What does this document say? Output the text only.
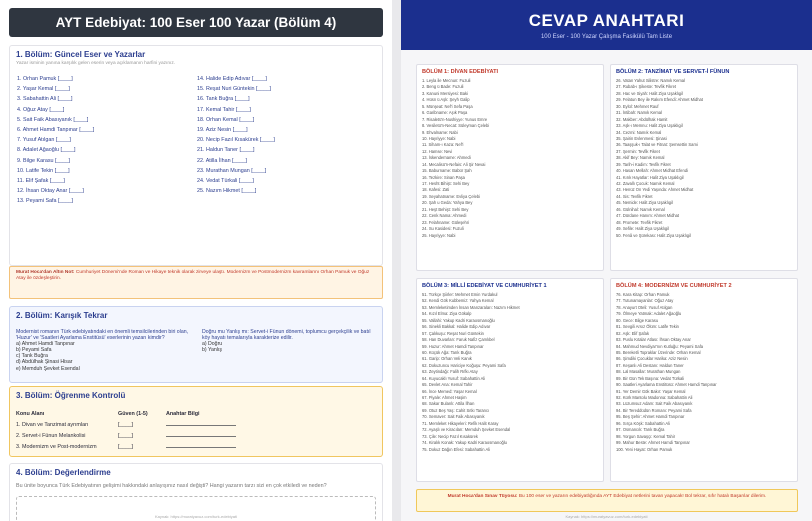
AYT Edebiyat: 100 Eser 100 Yazar (Bölüm 4)
1. Bölüm: Güncel Eser ve Yazarlar
Yazar isminin yanına karşılık gelen eserin veya açıklamanın harfini yazınız.
1. Orhan Pamuk [____]
2. Yaşar Kemal [____]
3. Sabahattin Ali [____]
4. Oğuz Atay [____]
5. Sait Faik Abasıyanık [____]
6. Ahmet Hamdi Tanpınar [____]
7. Yusuf Atılgan [____]
8. Adalet Ağaoğlu [____]
9. Bilge Karasu [____]
10. Latife Tekin [____]
11. Elif Şafak [____]
12. İhsan Oktay Anar [____]
13. Peyami Safa [____]
14. Halide Edip Adıvar [____]
15. Reşat Nuri Güntekin [____]
16. Tank Buğra [____]
17. Kemal Tahir [____]
18. Orhan Kemal [____]
19. Aziz Nesin [____]
20. Necip Fazıl Kısakürek [____]
21. Haldun Taner [____]
22. Atilla İlhan [____]
23. Murathan Mungan [____]
24. Vedat Türkali [____]
25. Nazım Hikmet [____]
Murat Hoca'dan Altın Not: Cumhuriyet Dönemi'nde Roman ve Hikaye teknik olarak zirveye ulaştı. Modernizm ve Postmodernizm kavramlarını Orhan Pamuk ve Oğuz Atay ile özdeşleştirin.
2. Bölüm: Karışık Tekrar
Modernist romanın Türk edebiyatındaki en önemli temsilcilerinden biri olan, 'Huzur' ve 'Saatleri Ayarlama Enstitüsü' eserlerinin yazarı kimdir?
a) Ahmet Hamdi Tanpınar
b) Peyami Safa
c) Tank Buğra
d) Abdülhak Şinasi Hisar
e) Memduh Şevket Esendal
Doğru mu Yanlış mı: Servet-i Fünun dönemi, toplumcu gerçekçilik ve batıl köy hayatı temalarıyla karakterize edilir.
a) Doğru
b) Yanlış
3. Bölüm: Öğrenme Kontrolü
Konu Alanı	Güven (1-5)	Anahtar Bilgi
1. Divan ve Tanzimat ayrımları	[____]
2. Servet-i Fünun Melankolisi	[____]
3. Modernizm ve Post-modernizm	[____]
4. Bölüm: Değerlendirme
Bu ünite boyunca Türk Edebiyatının gelişimi hakkındaki anlayışınız nasıl değişti? Hangi yazarın tarzı sizi en çok etkiledi ve neden?
Kaynak: https://muratyavuz.com/turk-edebiyati
CEVAP ANAHTARI
100 Eser - 100 Yazar Çalışma Fasikülü Tam Liste
BÖLÜM 1: DİVAN EDEBİYATI
1. Leyla ile Mecnun: Fuzuli
2. Beng ü Bade: Fuzuli
3. Kanuni Mersiyesi: Baki
4. Hüsn ü Aşk: Şeyh Galip
5. Münşeat: Nef'i Sefa Paşa
6. Garibname: Aşık Paşa
7. Risaletü'n-Nushiyye: Yunus Emre
8. Vesiletü'n-Necat: Süleyman Çelebi
9. Ehvalname: Nabi
10. Hayriyye: Nabi
11. Siham-ı Kaza: Nef'i
12. Hamse: Nevi
13. İskendername: Ahmedi
14. Mecalisü'n-Nefais: Ali Şir Nevai
15. Baburname: Babür Şah
16. Tezkire: Sinan Paşa
17. Hesht Bihişt: Sehi Bey
18. Kafesi: Zati
19. Seyahatname: Evliya Çelebi
20. Şah u Geda: Yahya Bey
21. Heşt Behişt: Sehi Bey
22. Cenk Nama: Ahmedi
23. Felahname: Güleşehri
24. Su Kasidesi: Fuzuli
25. Hayriyye: Nabi
BÖLÜM 2: TANZİMAT VE SERVET-İ FÜNUN
26. Vatan Yahut Silistre: Namık Kemal
27. Rubab-ı Şikeste: Tevfik Fikret
28. Hac ve Siyah: Halit Ziya Uşaklıgil
29. Felatun Bey ile Rakım Efendi: Ahmet Midhat
30. Eylül: Mehmet Rauf
31. İntibah: Namık Kemal
32. Makber: Abdülhak Hamit
33. Aşk-ı Memnu: Halit Ziya Uşaklıgil
34. Cezmi: Namık Kemal
35. Şairin Evlenmesi: Şinasi
36. Taaşşuk-ı Talat ve Fitnat: Şemsettin Sami
37. Şermin: Tevfik Fikret
38. Akif Bey: Namık Kemal
39. Tarih-i Kadim: Tevfik Fikret
40. Hasan Mellah: Ahmet Midhat Efendi
41. Kırık Hayatlar: Halit Ziya Uşaklıgil
42. Zavallı Çocuk: Namık Kemal
43. Henüz On Yedi Yaşında: Ahmet Midhat
44. Sis: Tevfik Fikret
45. Nemide: Halit Ziya Uşaklıgil
46. Gülnihal: Namık Kemal
47. Dürdane Hanım: Ahmet Midhat
48. Promete: Tevfik Fikret
49. Sefile: Halit Ziya Uşaklıgil
50. Fenâ ve Şürekası: Halit Ziya Uşaklıgil
BÖLÜM 3: MİLLİ EDEBİYAT VE CUMHURİYET 1
51. Türkçe Şiirler: Mehmet Emin Yurdakul
52. Kendi Gök Kubbemiz: Yahya Kemal
53. Memleketimden İnsan Manzaraları: Nazım Hikmet
54. Kızıl Elma: Ziya Gökalp
55. Vallahi: Yakup Kadri Karaosmanoğlu
56. Sinekli Bakkal: Halide Edip Adıvar
57. Çalıkuşu: Reşat Nuri Güntekin
58. Han Duvarları: Faruk Nafiz Çamlıbel
59. Huzur: Ahmet Hamdi Tanpınar
60. Küçük Ağa: Tarık Buğra
61. Garip: Orhan Veli Kanık
62. Dokuzuncu Hariciye Koğuşu: Peyami Safa
63. Zeytindağı: Falih Rıfkı Atay
64. Kuyucaklı Yusuf: Sabahattin Ali
65. Devlet Ana: Kemal Tahir
66. İnce Memed: Yaşar Kemal
67. Piyale: Ahmet Haşim
68. Sakar Bulanlı: Attila İlhan
69. Otuz Beş Yaş: Cahit Sıtkı Tarancı
70. Semaver: Sait Faik Abasıyanık
71. Memleket Hikayeleri: Refik Halit Karay
72. Ayaşlı ve Kiracıları: Memduh Şevket Esendal
73. Çile: Necip Fazıl Kısakürek
74. Kiralık Konak: Yakup Kadri Karaosmanoğlu
75. Dokuz Dağın Efesi: Sabahattin Ali
BÖLÜM 4: MODERNİZM VE CUMHURİYET 2
76. Kara Kitap: Orhan Pamuk
77. Tutunamayanlar: Oğuz Atay
78. Anayurt Oteli: Yusuf Atılgan
79. Ölmeye Yatmak: Adalet Ağaoğlu
80. Gece: Bilge Karasu
81. Sevgili Arsız Ölüm: Latife Tekin
82. Aşk: Elif Şafak
83. Puslu Kıtalar Atlası: İhsan Oktay Anar
84. Mahmud Nevdiyar'nın Kutluğu: Peyami Safa
85. Bereketli Topraklar Üzerinde: Orhan Kemal
86. Şimdiki Çocuklar Harika: Aziz Nesin
87. Keşanlı Ali Destanı: Haldun Taner
88. Lal Masallar: Murathan Mungan
89. Bir Gün Tek Başına: Vedat Türkali
90. Saatleri Ayarlama Enstitüsü: Ahmet Hamdi Tanpınar
91. Yer Demir Gök Bakır: Yaşar Kemal
92. Kürk Mantolu Madonna: Sabahattin Ali
93. Lüzumsuz Adam: Sait Faik Abasıyanık
94. Bir Tereddüdün Romanı: Peyami Safa
95. Beş Şehir: Ahmet Hamdi Tanpınar
96. Sırça Köşk: Sabahattin Ali
97. Osmancık: Tarık Buğra
98. Yorgun Savaşçı: Kemal Tahir
99. Mahur Beste: Ahmet Hamdi Tanpınar
100. Yeni Hayat: Orhan Pamuk
Murat Hoca'dan Sınav Tüyosu: Bu 100 eser ve yazarın edebiyatlığında AYT Edebiyat netlerini tavan yapacak! Bol tekrar, sıfır hatalı Başarılar dilerim.
Kaynak: https://muratyavuz.com/turk-edebiyati
